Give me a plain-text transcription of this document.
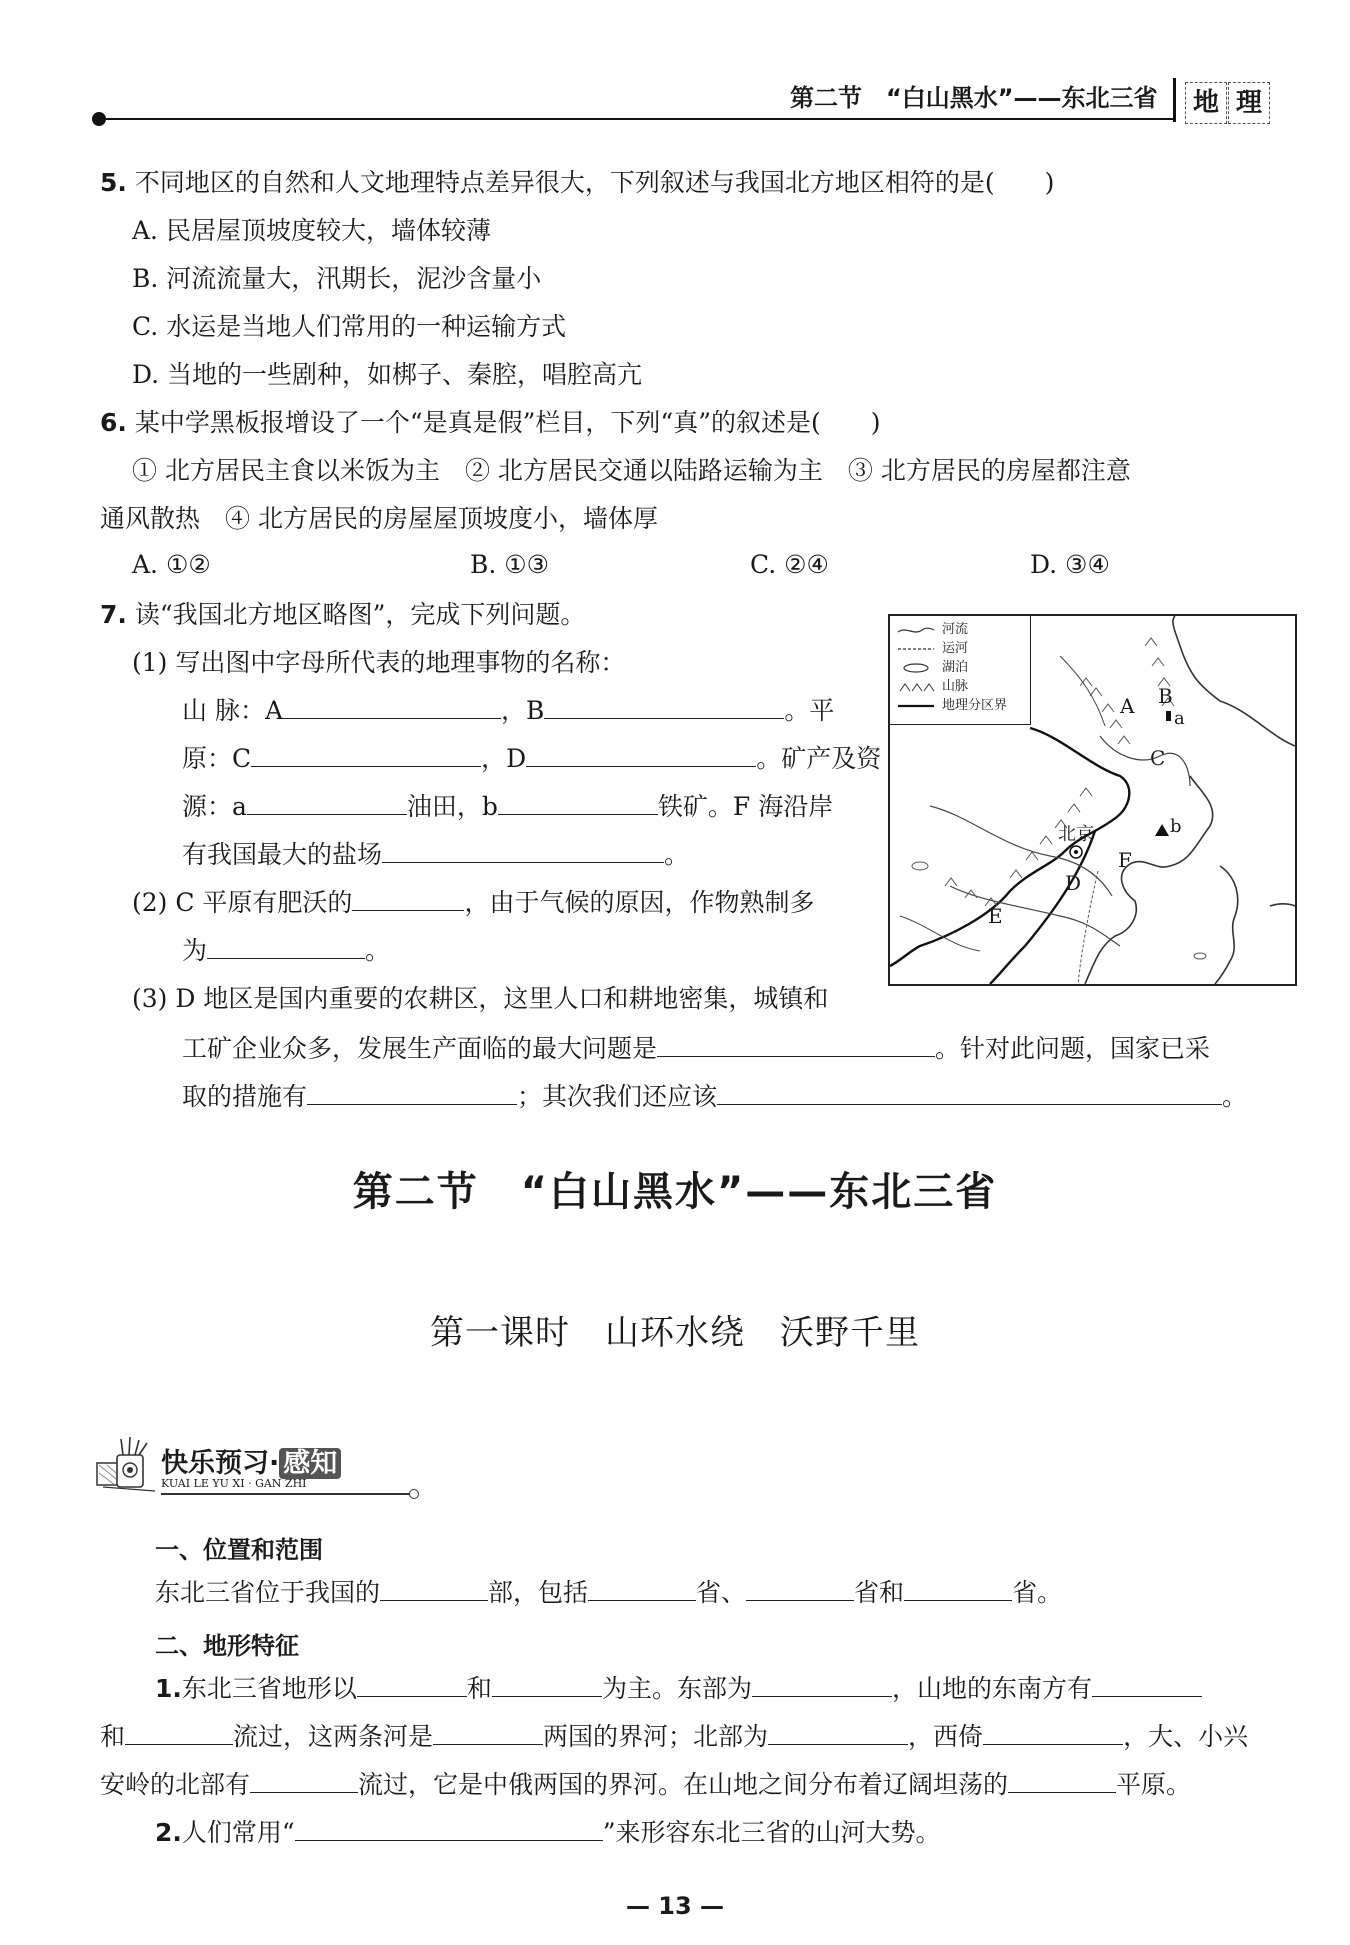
第二节　“白山黑水”——东北三省	地 理
5. 不同地区的自然和人文地理特点差异很大，下列叙述与我国北方地区相符的是(　　)
A. 民居屋顶坡度较大，墙体较薄
B. 河流流量大，汛期长，泥沙含量小
C. 水运是当地人们常用的一种运输方式
D. 当地的一些剧种，如梆子、秦腔，唱腔高亢
6. 某中学黑板报增设了一个“是真是假”栏目，下列“真”的叙述是(　　)
① 北方居民主食以米饭为主　② 北方居民交通以陆路运输为主　③ 北方居民的房屋都注意
通风散热　④ 北方居民的房屋屋顶坡度小，墙体厚
A. ①②	B. ①③	C. ②④	D. ③④
7. 读“我国北方地区略图”，完成下列问题。
(1) 写出图中字母所代表的地理事物的名称：
山 脉：A	，B	。平
原：C	，D	。矿产及资
源：a	油田，b	铁矿。F 海沿岸
有我国最大的盐场	。
(2) C 平原有肥沃的	，由于气候的原因，作物熟制多
为	。
(3) D 地区是国内重要的农耕区，这里人口和耕地密集，城镇和
工矿企业众多，发展生产面临的最大问题是	。针对此问题，国家已采
取的措施有	；其次我们还应该	。
河流
运河
湖泊
山脉
地理分区界	A B
C
D
E
F
a
b
北京
第二节　“白山黑水”——东北三省
第一课时　山环水绕　沃野千里
快乐预习· 感知
KUAI LE YU XI · GAN ZHI
一、位置和范围
东北三省位于我国的	部，包括	省、	省和	省。
二、地形特征
1.东北三省地形以	和	为主。东部为	，山地的东南方有
和	流过，这两条河是	两国的界河；北部为	，西倚	，大、小兴
安岭的北部有	流过，它是中俄两国的界河。在山地之间分布着辽阔坦荡的	平原。
2.人们常用“	”来形容东北三省的山河大势。
— 13 —
